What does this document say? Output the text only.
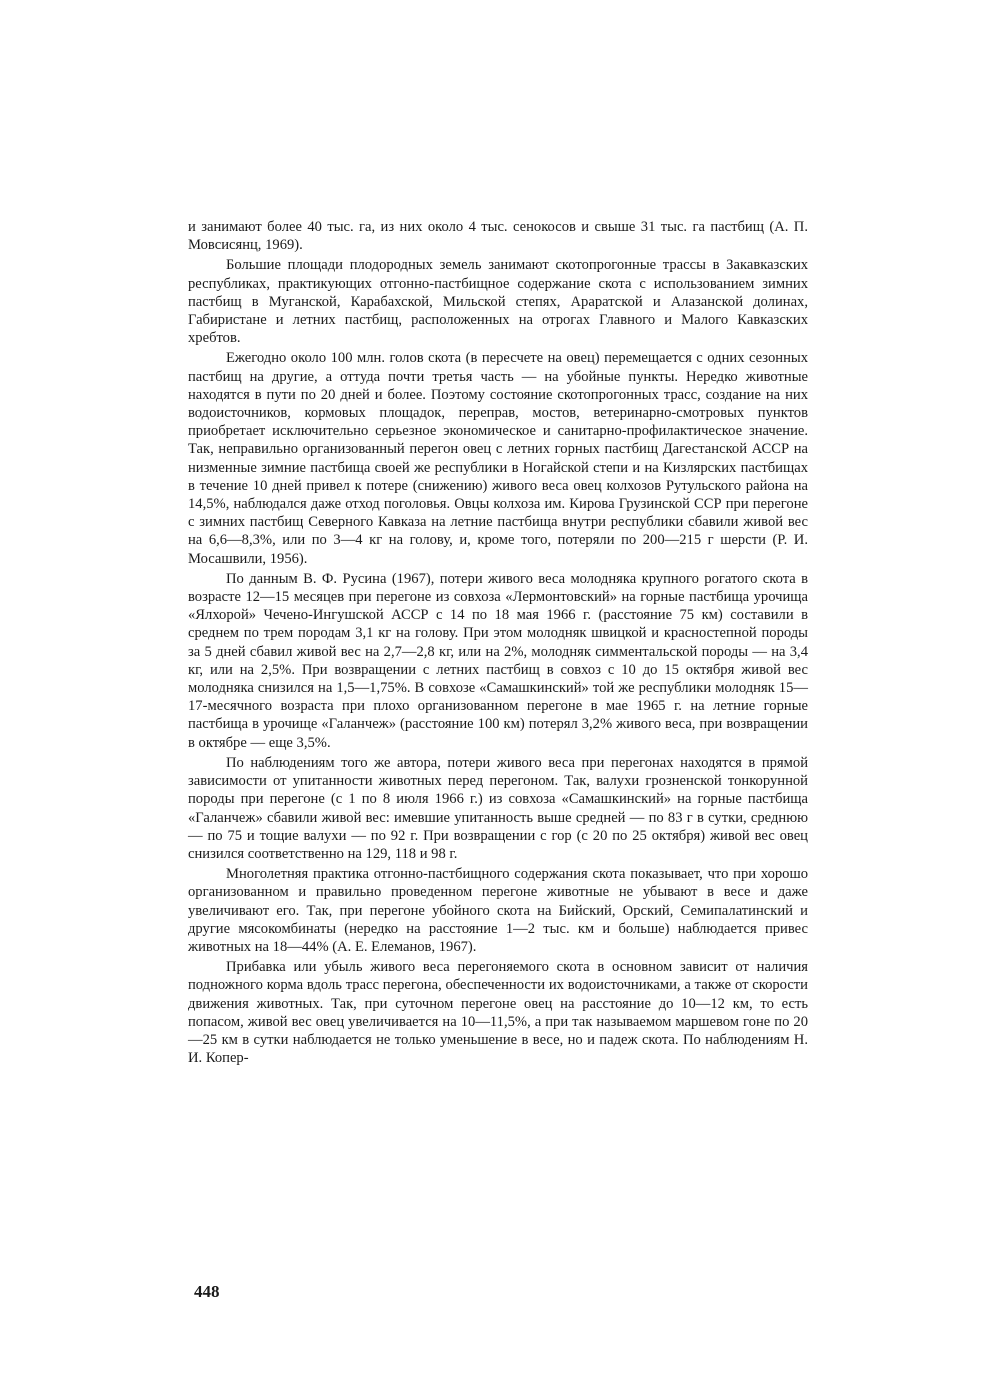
и занимают более 40 тыс. га, из них около 4 тыс. сенокосов и свыше 31 тыс. га пастбищ (А. П. Мовсисянц, 1969).

Большие площади плодородных земель занимают скотопрогонные трассы в Закавказских республиках, практикующих отгонно-пастбищное содержание скота с использованием зимних пастбищ в Муганской, Карабахской, Мильской степях, Араратской и Алазанской долинах, Габиристане и летних пастбищ, расположенных на отрогах Главного и Малого Кавказских хребтов.

Ежегодно около 100 млн. голов скота (в пересчете на овец) перемещается с одних сезонных пастбищ на другие, а оттуда почти третья часть — на убойные пункты. Нередко животные находятся в пути по 20 дней и более. Поэтому состояние скотопрогонных трасс, создание на них водоисточников, кормовых площадок, переправ, мостов, ветеринарно-смотровых пунктов приобретает исключительно серьезное экономическое и санитарно-профилактическое значение. Так, неправильно организованный перегон овец с летних горных пастбищ Дагестанской АССР на низменные зимние пастбища своей же республики в Ногайской степи и на Кизлярских пастбищах в течение 10 дней привел к потере (снижению) живого веса овец колхозов Рутульского района на 14,5%, наблюдался даже отход поголовья. Овцы колхоза им. Кирова Грузинской ССР при перегоне с зимних пастбищ Северного Кавказа на летние пастбища внутри республики сбавили живой вес на 6,6—8,3%, или по 3—4 кг на голову, и, кроме того, потеряли по 200—215 г шерсти (Р. И. Мосашвили, 1956).

По данным В. Ф. Русина (1967), потери живого веса молодняка крупного рогатого скота в возрасте 12—15 месяцев при перегоне из совхоза «Лермонтовский» на горные пастбища урочища «Ялхорой» Чечено-Ингушской АССР с 14 по 18 мая 1966 г. (расстояние 75 км) составили в среднем по трем породам 3,1 кг на голову. При этом молодняк швицкой и красностепной породы за 5 дней сбавил живой вес на 2,7—2,8 кг, или на 2%, молодняк симментальской породы — на 3,4 кг, или на 2,5%. При возвращении с летних пастбищ в совхоз с 10 до 15 октября живой вес молодняка снизился на 1,5—1,75%. В совхозе «Самашкинский» той же республики молодняк 15—17-месячного возраста при плохо организованном перегоне в мае 1965 г. на летние горные пастбища в урочище «Галанчеж» (расстояние 100 км) потерял 3,2% живого веса, при возвращении в октябре — еще 3,5%.

По наблюдениям того же автора, потери живого веса при перегонах находятся в прямой зависимости от упитанности животных перед перегоном. Так, валухи грозненской тонкорунной породы при перегоне (с 1 по 8 июля 1966 г.) из совхоза «Самашкинский» на горные пастбища «Галанчеж» сбавили живой вес: имевшие упитанность выше средней — по 83 г в сутки, среднюю — по 75 и тощие валухи — по 92 г. При возвращении с гор (с 20 по 25 октября) живой вес овец снизился соответственно на 129, 118 и 98 г.

Многолетняя практика отгонно-пастбищного содержания скота показывает, что при хорошо организованном и правильно проведенном перегоне животные не убывают в весе и даже увеличивают его. Так, при перегоне убойного скота на Бийский, Орский, Семипалатинский и другие мясокомбинаты (нередко на расстояние 1—2 тыс. км и больше) наблюдается привес животных на 18—44% (А. Е. Елеманов, 1967).

Прибавка или убыль живого веса перегоняемого скота в основном зависит от наличия подножного корма вдоль трасс перегона, обеспеченности их водоисточниками, а также от скорости движения животных. Так, при суточном перегоне овец на расстояние до 10—12 км, то есть попасом, живой вес овец увеличивается на 10—11,5%, а при так называемом маршевом гоне по 20—25 км в сутки наблюдается не только уменьшение в весе, но и падеж скота. По наблюдениям Н. И. Копер-

448
